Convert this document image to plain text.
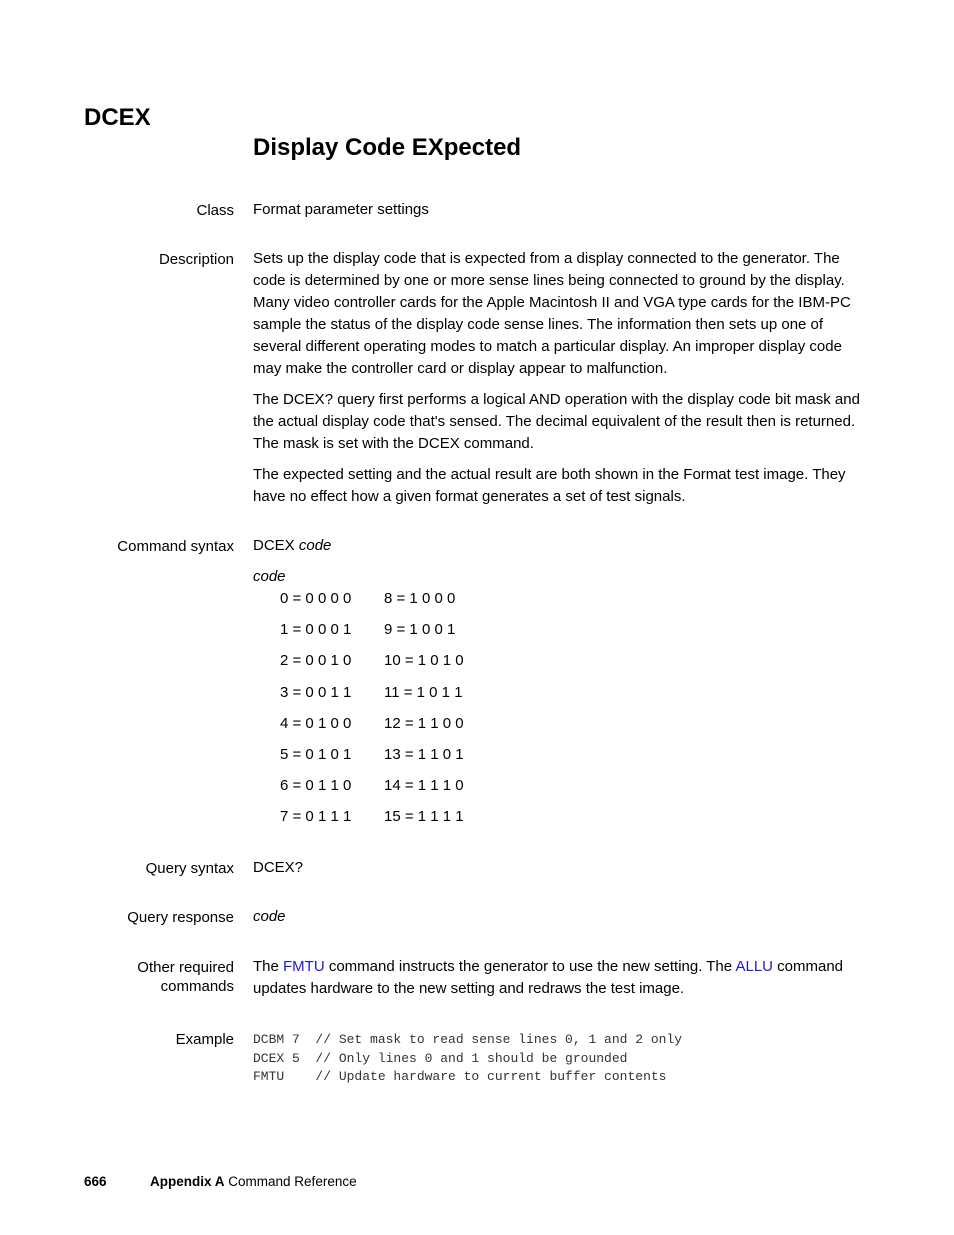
DCEX
Display Code EXpected
Class Format parameter settings
Description Sets up the display code that is expected from a display connected to the generator. The code is determined by one or more sense lines being connected to ground by the display. Many video controller cards for the Apple Macintosh II and VGA type cards for the IBM-PC sample the status of the display code sense lines. The information then sets up one of several different operating modes to match a particular display. An improper display code may make the controller card or display appear to malfunction.

The DCEX? query first performs a logical AND operation with the display code bit mask and the actual display code that's sensed. The decimal equivalent of the result then is returned. The mask is set with the DCEX command.

The expected setting and the actual result are both shown in the Format test image. They have no effect how a given format generates a set of test signals.

Command syntax DCEX code
code
0 = 0 0 0 0	8 = 1 0 0 0
1 = 0 0 0 1	9 = 1 0 0 1
2 = 0 0 1 0	10 = 1 0 1 0
3 = 0 0 1 1	11 = 1 0 1 1
4 = 0 1 0 0	12 = 1 1 0 0
5 = 0 1 0 1	13 = 1 1 0 1
6 = 0 1 1 0	14 = 1 1 1 0
7 = 0 1 1 1	15 = 1 1 1 1
Query syntax DCEX?
Query response code
Other required
commands
The FMTU command instructs the generator to use the new setting. The ALLU command updates hardware to the new setting and redraws the test image.
Example DCBM 7  // Set mask to read sense lines 0, 1 and 2 only
DCEX 5  // Only lines 0 and 1 should be grounded
FMTU    // Update hardware to current buffer contents
666	Appendix A Command Reference
